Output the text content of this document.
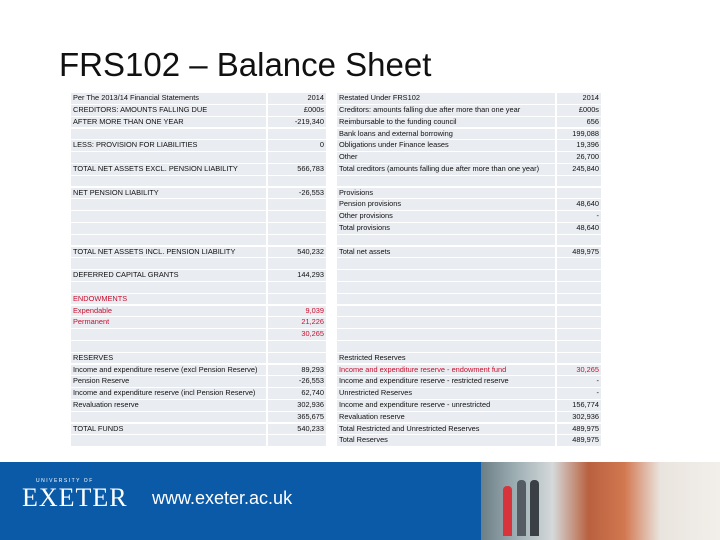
FRS102 – Balance Sheet
Per The 2013/14 Financial Statements	2014
CREDITORS: AMOUNTS FALLING DUE	£000s
AFTER MORE THAN ONE YEAR	-219,340
LESS: PROVISION FOR LIABILITIES	0
TOTAL NET ASSETS EXCL. PENSION LIABILITY	566,783
NET PENSION LIABILITY	-26,553
TOTAL NET ASSETS INCL. PENSION LIABILITY	540,232
DEFERRED CAPITAL GRANTS	144,293
ENDOWMENTS
Expendable	9,039
Permanent	21,226
30,265
RESERVES
Income and expenditure reserve (excl Pension Reserve)	89,293
Pension Reserve	-26,553
Income and expenditure reserve (incl Pension Reserve)	62,740
Revaluation reserve	302,936
365,675
TOTAL FUNDS	540,233
Restated Under FRS102	2014
Creditors: amounts falling due after more than one year	£000s
Reimbursable to the funding council	656
Bank loans and external borrowing	199,088
Obligations under Finance leases	19,396
Other	26,700
Total creditors (amounts falling due after more than one year)	245,840
Provisions
Pension provisions	48,640
Other provisions	-
Total provisions	48,640
Total net assets	489,975
Restricted Reserves
Income and expenditure reserve - endowment fund	30,265
Income and expenditure reserve - restricted reserve	-
Unrestricted Reserves	-
Income and expenditure reserve - unrestricted	156,774
Revaluation reserve	302,936
Total Restricted and Unrestricted Reserves	489,975
Total Reserves	489,975
UNIVERSITY OF
EXETER www.exeter.ac.uk
